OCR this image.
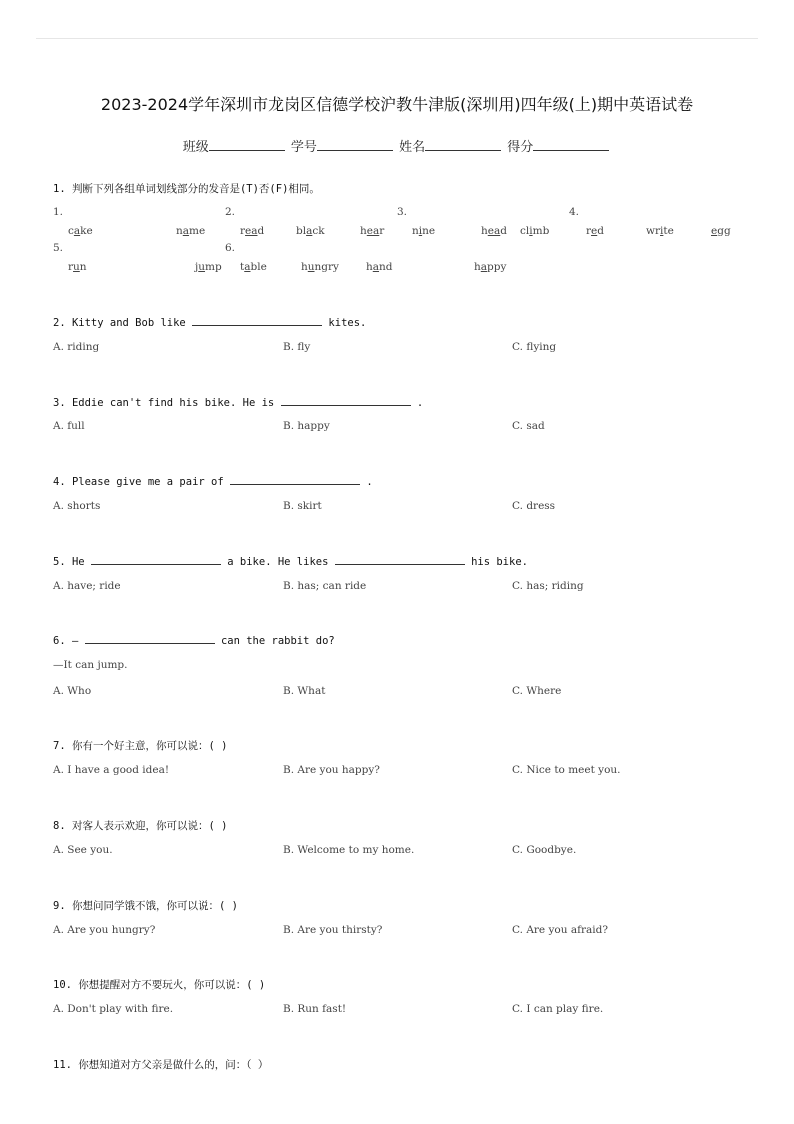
2023-2024学年深圳市龙岗区信德学校沪教牛津版(深圳用)四年级(上)期中英语试卷
班级	学号	姓名	得分
1. 判断下列各组单词划线部分的发音是(T)否(F)相同。
1.	2.	3.	4.
5.	6.
cake	name	read	black	hear	nine	head climb	red	write	egg
run	jump table	hungry	hand	happy
2. Kitty and Bob like	kites.
A. riding	B. fly	C. flying
3. Eddie can't find his bike. He is	.
A. full	B. happy	C. sad
4. Please give me a pair of	.
A. shorts	B. skirt	C. dress
5. He	a bike. He likes	his bike.
A. have; ride	B. has; can ride	C. has; riding
6. —	can the rabbit do?
—It can jump.
A. Who	B. What	C. Where
7. 你有一个好主意，你可以说：( )
A. I have a good idea!	B. Are you happy?	C. Nice to meet you.
8. 对客人表示欢迎，你可以说：( )
A. See you.	B. Welcome to my home.	C. Goodbye.
9. 你想问同学饿不饿，你可以说：( )
A. Are you hungry?	B. Are you thirsty?	C. Are you afraid?
10. 你想提醒对方不要玩火，你可以说：( )
A. Don't play with fire.	B. Run fast!	C. I can play fire.
11. 你想知道对方父亲是做什么的，问：（ ）
